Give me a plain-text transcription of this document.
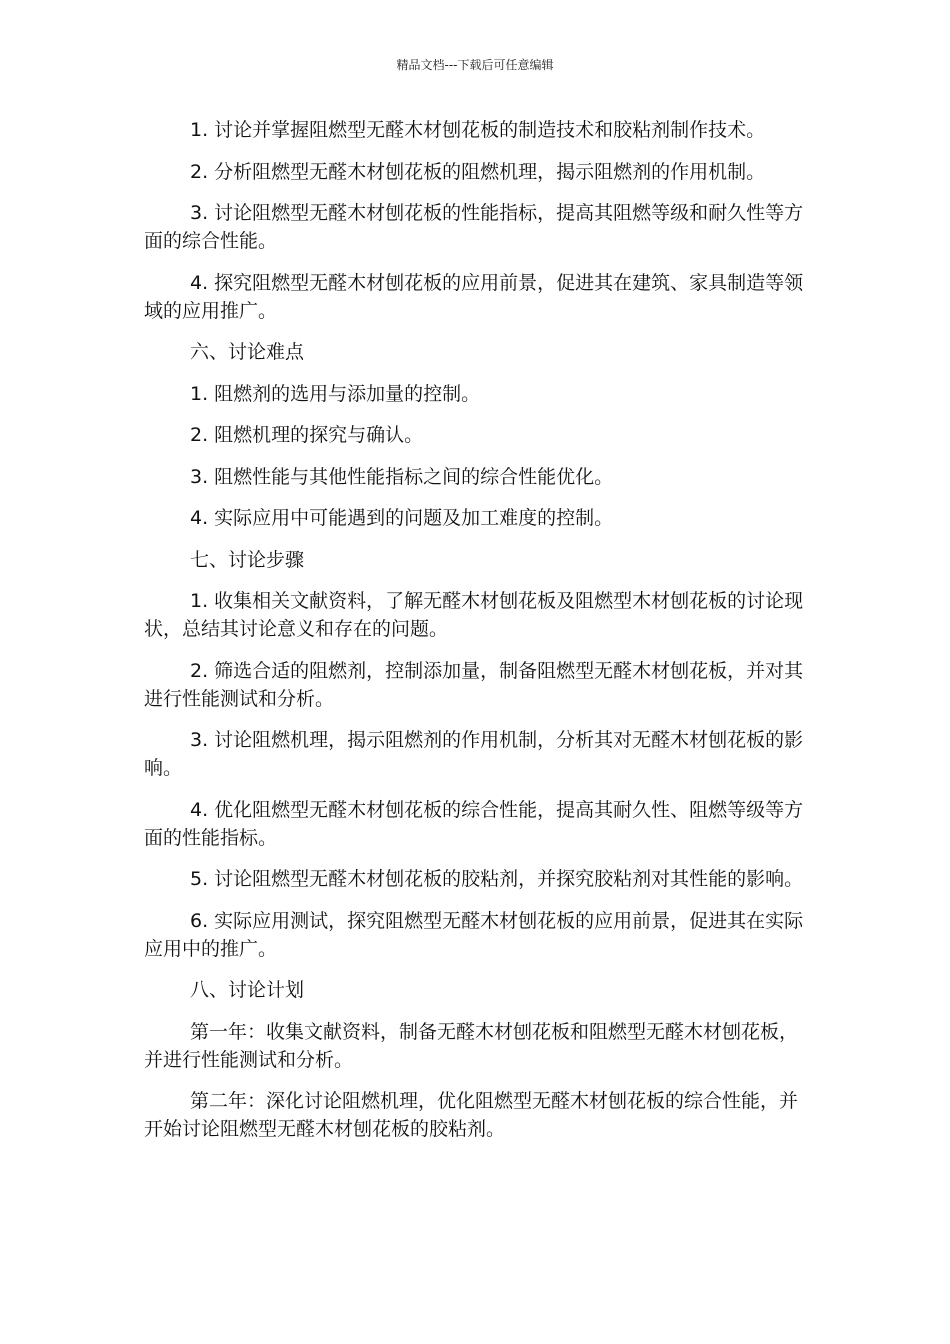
精品文档---下载后可任意编辑

1. 讨论并掌握阻燃型无醛木材刨花板的制造技术和胶粘剂制作技术。

2. 分析阻燃型无醛木材刨花板的阻燃机理，揭示阻燃剂的作用机制。

3. 讨论阻燃型无醛木材刨花板的性能指标，提高其阻燃等级和耐久性等方面的综合性能。

4. 探究阻燃型无醛木材刨花板的应用前景，促进其在建筑、家具制造等领域的应用推广。

六、讨论难点

1. 阻燃剂的选用与添加量的控制。

2. 阻燃机理的探究与确认。

3. 阻燃性能与其他性能指标之间的综合性能优化。

4. 实际应用中可能遇到的问题及加工难度的控制。

七、讨论步骤

1. 收集相关文献资料，了解无醛木材刨花板及阻燃型木材刨花板的讨论现状，总结其讨论意义和存在的问题。

2. 筛选合适的阻燃剂，控制添加量，制备阻燃型无醛木材刨花板，并对其进行性能测试和分析。

3. 讨论阻燃机理，揭示阻燃剂的作用机制，分析其对无醛木材刨花板的影响。

4. 优化阻燃型无醛木材刨花板的综合性能，提高其耐久性、阻燃等级等方面的性能指标。

5. 讨论阻燃型无醛木材刨花板的胶粘剂，并探究胶粘剂对其性能的影响。

6. 实际应用测试，探究阻燃型无醛木材刨花板的应用前景，促进其在实际应用中的推广。

八、讨论计划

第一年：收集文献资料，制备无醛木材刨花板和阻燃型无醛木材刨花板，并进行性能测试和分析。

第二年：深化讨论阻燃机理，优化阻燃型无醛木材刨花板的综合性能，并开始讨论阻燃型无醛木材刨花板的胶粘剂。
